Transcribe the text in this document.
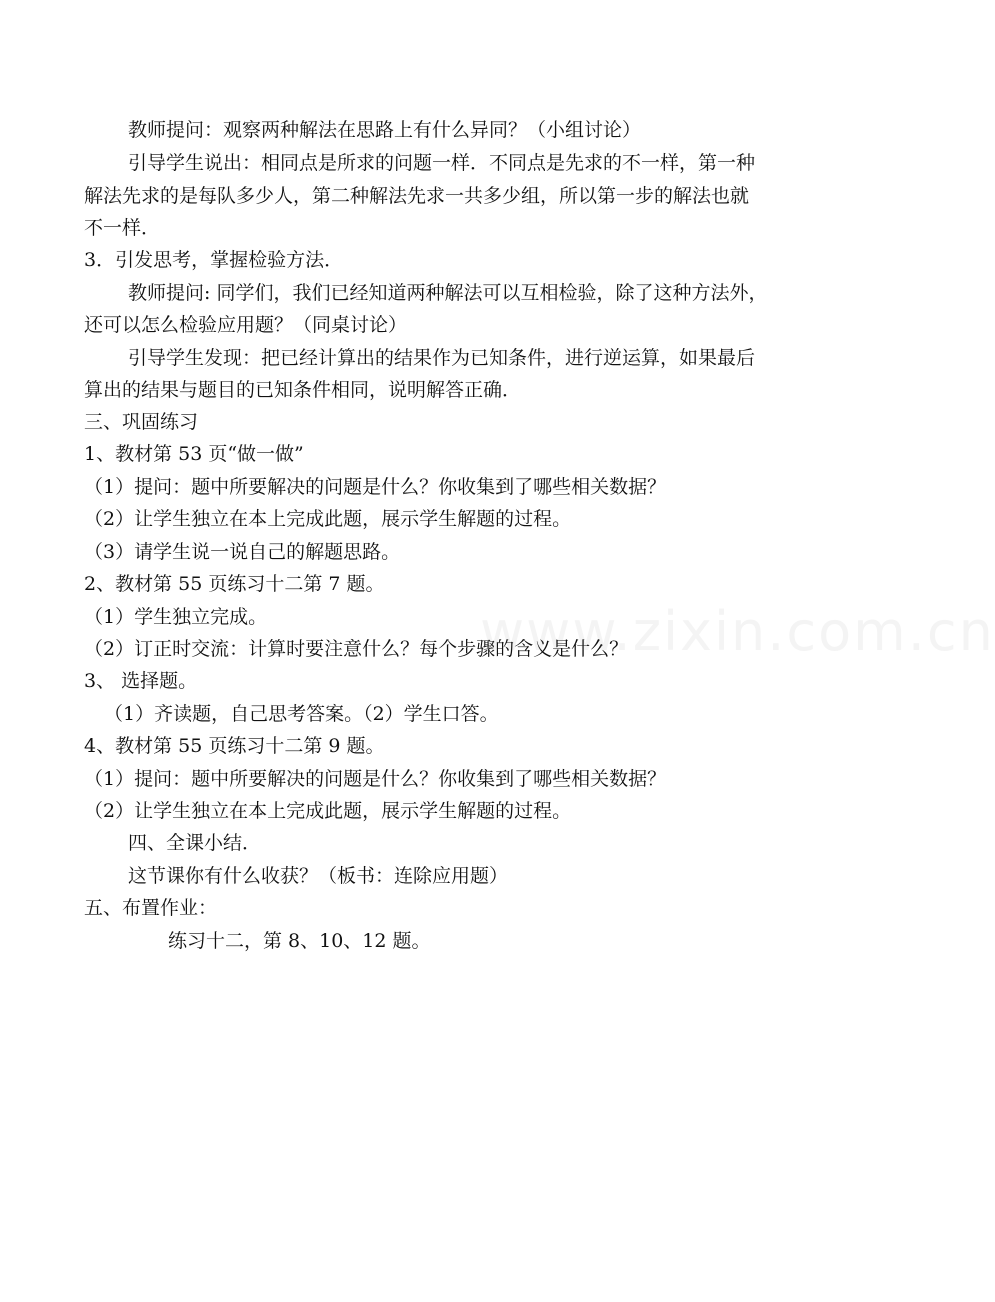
教师提问：观察两种解法在思路上有什么异同？（小组讨论）
引导学生说出：相同点是所求的问题一样．不同点是先求的不一样，第一种
解法先求的是每队多少人，第二种解法先求一共多少组，所以第一步的解法也就
不一样．
3．引发思考，掌握检验方法．
教师提问: 同学们，我们已经知道两种解法可以互相检验，除了这种方法外，
还可以怎么检验应用题？（同桌讨论）
引导学生发现：把已经计算出的结果作为已知条件，进行逆运算，如果最后
算出的结果与题目的已知条件相同，说明解答正确．
三、巩固练习
1、教材第 53 页“做一做”
（1）提问：题中所要解决的问题是什么？你收集到了哪些相关数据？
（2）让学生独立在本上完成此题，展示学生解题的过程。
（3）请学生说一说自己的解题思路。
2、教材第 55 页练习十二第 7 题。
（1）学生独立完成。
（2）订正时交流：计算时要注意什么？每个步骤的含义是什么？
3、 选择题。
（1）齐读题，自己思考答案。（2）学生口答。
4、教材第 55 页练习十二第 9 题。
（1）提问：题中所要解决的问题是什么？你收集到了哪些相关数据？
（2）让学生独立在本上完成此题，展示学生解题的过程。
四、全课小结．
这节课你有什么收获？（板书：连除应用题）
五、布置作业：
练习十二，第 8、10、12 题。
www.zixin.com.cn
